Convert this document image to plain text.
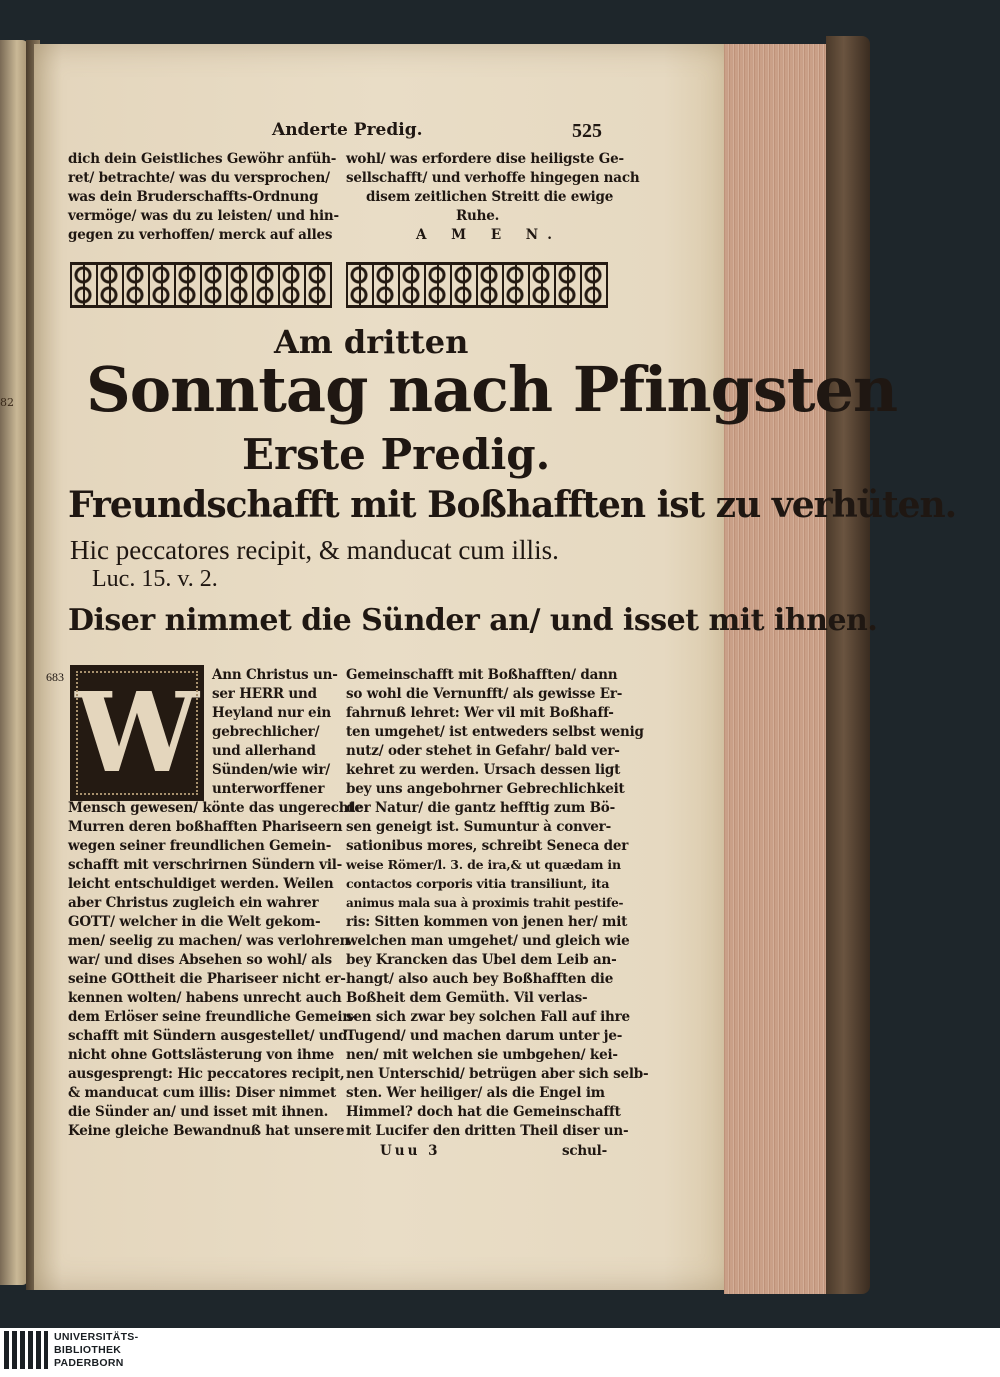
82
Anderte Predig.	525
dich dein Geistliches Gewöhr anfüh-
ret/ betrachte/ was du versprochen/
was dein Bruderschaffts-Ordnung
vermöge/ was du zu leisten/ und hin-
gegen zu verhoffen/ merck auf alles
wohl/ was erfordere dise heiligste Ge-
sellschafft/ und verhoffe hingegen nach
disem zeitlichen Streitt die ewige
Ruhe.
A M E N.
Am dritten
Sonntag nach Pfingsten
Erste Predig.
Freundschafft mit Boßhafften ist zu verhüten.
Hic peccatores recipit, & manducat cum illis.
Luc. 15. v. 2.
Diser nimmet die Sünder an/ und isset mit ihnen.
683 W Ann Christus un-
ser HERR und
Heyland nur ein
gebrechlicher/
und allerhand
Sünden/wie wir/
unterworffener
Mensch gewesen/ könte das ungerechte
Murren deren boßhafften Phariseern
wegen seiner freundlichen Gemein-
schafft mit verschrirnen Sündern vil-
leicht entschuldiget werden. Weilen
aber Christus zugleich ein wahrer
GOTT/ welcher in die Welt gekom-
men/ seelig zu machen/ was verlohren
war/ und dises Absehen so wohl/ als
seine GOttheit die Phariseer nicht er-
kennen wolten/ habens unrecht auch
dem Erlöser seine freundliche Gemein-
schafft mit Sündern ausgestellet/ und
nicht ohne Gottslästerung von ihme
ausgesprengt: Hic peccatores recipit,
& manducat cum illis: Diser nimmet
die Sünder an/ und isset mit ihnen.
Keine gleiche Bewandnuß hat unsere
Gemeinschafft mit Boßhafften/ dann
so wohl die Vernunfft/ als gewisse Er-
fahrnuß lehret: Wer vil mit Boßhaff-
ten umgehet/ ist entweders selbst wenig
nutz/ oder stehet in Gefahr/ bald ver-
kehret zu werden. Ursach dessen ligt
bey uns angebohrner Gebrechlichkeit
der Natur/ die gantz hefftig zum Bö-
sen geneigt ist. Sumuntur à conver-
sationibus mores, schreibt Seneca der
weise Römer/l. 3. de ira,& ut quædam in
contactos corporis vitia transiliunt, ita
animus mala sua à proximis trahit pestife-
ris: Sitten kommen von jenen her/ mit
welchen man umgehet/ und gleich wie
bey Krancken das Ubel dem Leib an-
hangt/ also auch bey Boßhafften die
Boßheit dem Gemüth. Vil verlas-
sen sich zwar bey solchen Fall auf ihre
Tugend/ und machen darum unter je-
nen/ mit welchen sie umbgehen/ kei-
nen Unterschid/ betrügen aber sich selb-
sten. Wer heiliger/ als die Engel im
Himmel? doch hat die Gemeinschafft
mit Lucifer den dritten Theil diser un-
Uuu 3	schul-
UNIVERSITÄTS-
BIBLIOTHEK
PADERBORN
